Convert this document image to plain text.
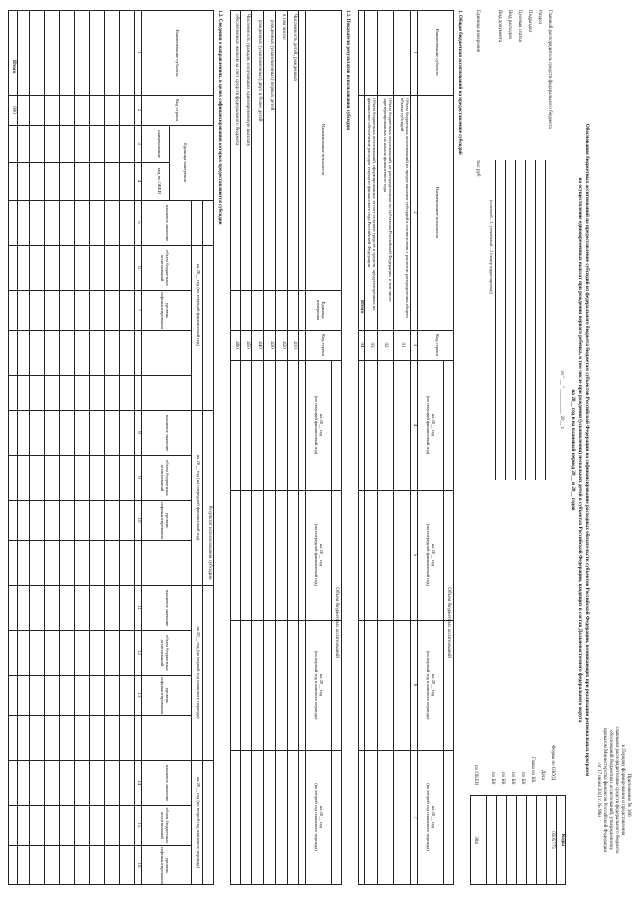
Приложение № 166
к Порядку формирования и представления
главными распорядителями средств федерального бюджета
обоснований бюджетных ассигнований, утвержденному
приказом Министерства финансов Российской Федерации
от 17 июня 2021 г. № 86н
Обоснования бюджетных ассигнований на предоставление субсидий из федерального бюджета бюджетам субъектов Российской Федерации на софинансирование расходных обязательств субъектов Российской Федерации, возникающих при реализации региональных программ
на осуществление единовременных выплат при рождении первого ребенка, в том числе при рождении (усыновлении) нескольких детей в субъектах Российской Федерации, входящих в состав Дальневосточного федерального округа
на 20__ год и на плановый период 20__ и 20__ годов
от " __ " __________ 20__ г.
Коды
0505775
384
Форма по ОКУД
Дата
Глава по БК
по БК
по БК
по БК
по БК
по ОКЕИ
Главный распорядитель средств федерального бюджета
Раздел
Подраздел
Целевая статья
Вид расходов
Вид документа
(основной – 1, уточнённый – 2 (номер корректировки))
Единица измерения
тыс руб
1. Общая бюджетная ассигнований на предоставление субсидий
Наименование субъекта
Наименование показателя
Код строки
Объем бюджетных ассигнований
на 20__ год
(на текущий финансовый год)
на 20__ год
(на очередной финансовый год)
на 20__ год
(на первый год планового периода)
на 20__ год
(на второй год планового периода)
1
2
3
4
5
6
7
Объем бюджетных ассигнований на предоставление субсидий в соответствии с расчетом распределения общего объема субсидий
01
Объем бюджетных ассигнований, не распределенных по субъектам Российской Федерации, в том числе зарезервированных на начало финансового года
02
Объем бюджетных ассигнований, сформированных за счет остатков средств и средств, предусмотренных на финансовое обеспечение расходов текущего финансового года Российской Федерации
03
Итого
04
1.1. Показатели результатов использования субсидии
Наименование показателя
Единица измерения
Код строки
Объем бюджетных ассигнований
на 20__ год
(на текущий финансовый год)
на 20__ год
(на очередной финансовый год)
на 20__ год
(на первый год планового периода)
на 20__ год
(на второй год планового периода)
Численность детей, рожденных
410
в том числе:
420
рожденных (усыновленных) первых детей
430
рожденных (усыновленных) двух и более детей
440
Численность граждан, получивших единовременную выплату
450
обеспеченных жильем за счет средств федерального бюджета
460
1.2. Сведения о направлениях, в целях софинансирования которых предоставляются субсидии
Наименование субъекта
Код строки
Единица измерения
наименование
код по ОКЕИ
Результат использования субсидии
на 20__ год (на текущий финансовый год)
на 20__ год (на очередной финансовый год)
на 20__ год (на первый год планового периода)
на 20__ год (на второй год планового периода)
плановое значение
объем бюджетных ассигнований
уровень софинансирования
плановое значение
объем бюджетных ассигнований
уровень софинансирования
плановое значение
объем бюджетных ассигнований
уровень софинансирования
плановое значение
объем бюджетных ассигнований
уровень софинансирования
1
2
3
4
5
6
7
8
9
10
11
12
13
14
15
16
Итого
900
